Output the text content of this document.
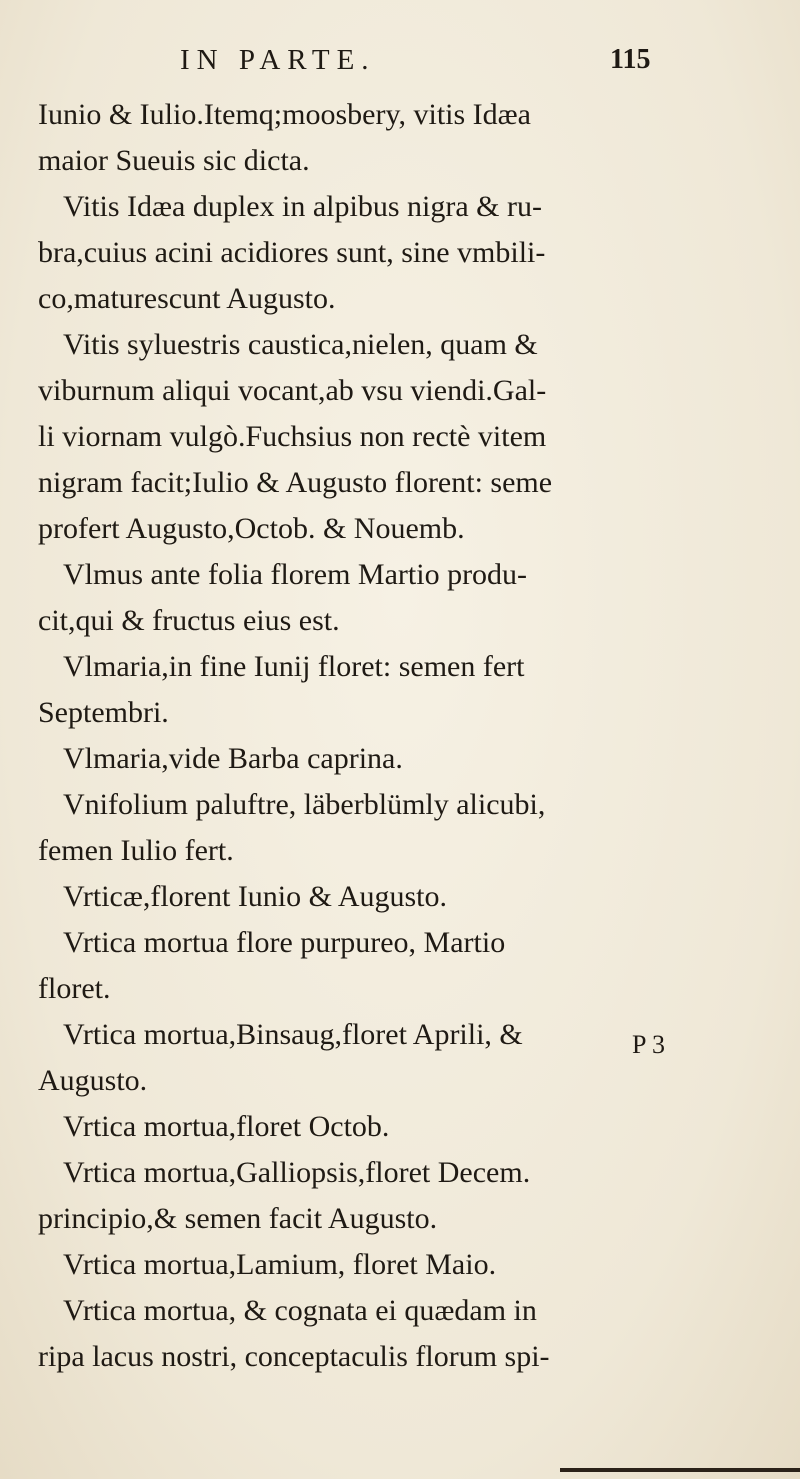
IN PARTE.	115
Iunio & Iulio.Itemq;moosbery, vitis Idæa
maior Sueuis sic dicta.
Vitis Idæa duplex in alpibus nigra & ru-
bra,cuius acini acidiores sunt, sine vmbili-
co,maturescunt Augusto.
Vitis syluestris caustica,nielen, quam &
viburnum aliqui vocant,ab vsu viendi.Gal-
li viornam vulgò.Fuchsius non rectè vitem
nigram facit;Iulio & Augusto florent: seme
profert Augusto,Octob. & Nouemb.
Vlmus ante folia florem Martio produ-
cit,qui & fructus eius est.
Vlmaria,in fine Iunij floret: semen fert
Septembri.
Vlmaria,vide Barba caprina.
Vnifolium paluftre, läberblümly alicubi,
femen Iulio fert.
Vrticæ,florent Iunio & Augusto.
Vrtica mortua flore purpureo, Martio
floret.
Vrtica mortua,Binsaug,floret Aprili, &
Augusto.
Vrtica mortua,floret Octob.
Vrtica mortua,Galliopsis,floret Decem.
principio,& semen facit Augusto.
Vrtica mortua,Lamium, floret Maio.
Vrtica mortua, & cognata ei quædam in
ripa lacus nostri, conceptaculis florum spi-
P 3
